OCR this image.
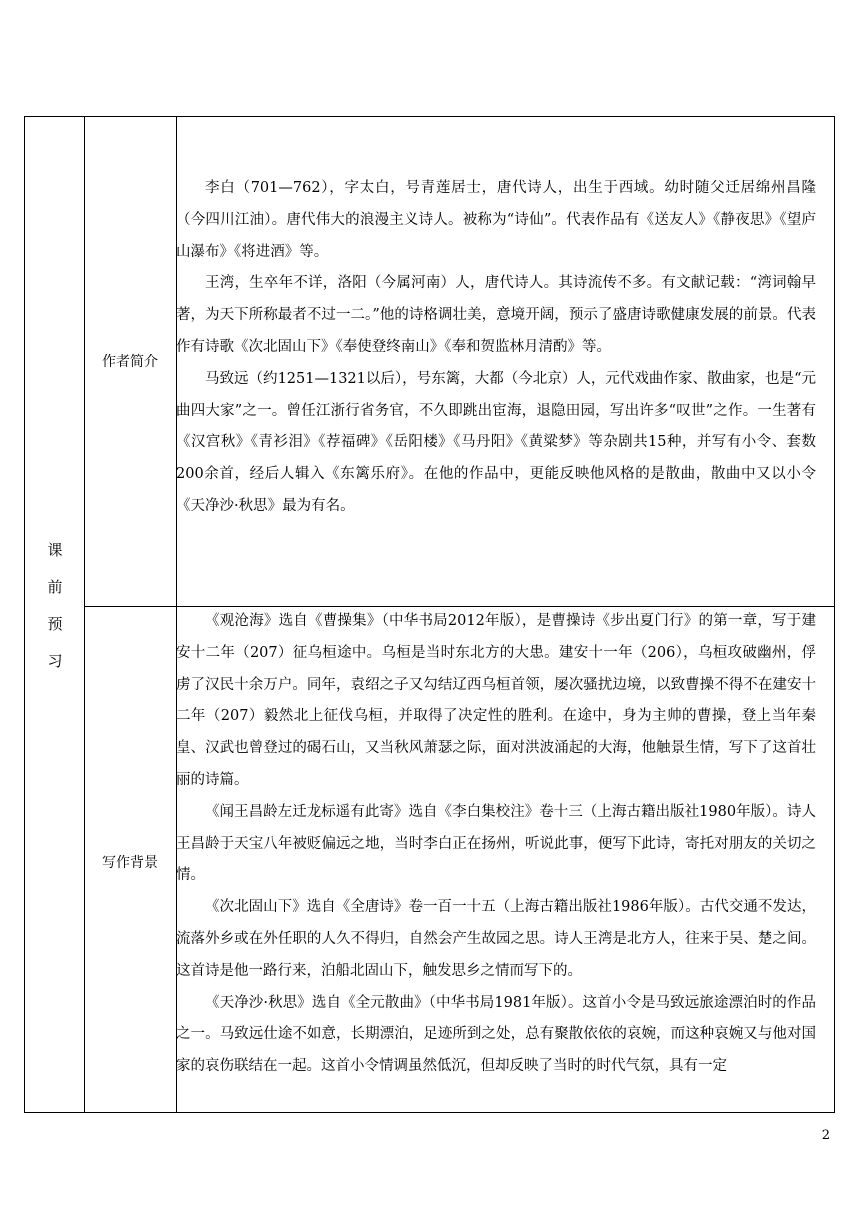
课
前
预
习
作者简介
写作背景

李白（701—762），字太白，号青莲居士，唐代诗人，出生于西域。幼时随父迁居绵州昌隆（今四川江油）。唐代伟大的浪漫主义诗人。被称为“诗仙”。代表作品有《送友人》《静夜思》《望庐山瀑布》《将进酒》等。

王湾，生卒年不详，洛阳（今属河南）人，唐代诗人。其诗流传不多。有文献记载：“湾词翰早著，为天下所称最者不过一二。”他的诗格调壮美，意境开阔，预示了盛唐诗歌健康发展的前景。代表作有诗歌《次北固山下》《奉使登终南山》《奉和贺监林月清酌》等。

马致远（约1251—1321以后），号东篱，大都（今北京）人，元代戏曲作家、散曲家，也是“元曲四大家”之一。曾任江浙行省务官，不久即跳出宦海，退隐田园，写出许多“叹世”之作。一生著有《汉宫秋》《青衫泪》《荐福碑》《岳阳楼》《马丹阳》《黄粱梦》等杂剧共15种，并写有小令、套数200余首，经后人辑入《东篱乐府》。在他的作品中，更能反映他风格的是散曲，散曲中又以小令《天净沙·秋思》最为有名。

《观沧海》选自《曹操集》（中华书局2012年版），是曹操诗《步出夏门行》的第一章，写于建安十二年（207）征乌桓途中。乌桓是当时东北方的大患。建安十一年（206），乌桓攻破幽州，俘虏了汉民十余万户。同年，袁绍之子又勾结辽西乌桓首领，屡次骚扰边境，以致曹操不得不在建安十二年（207）毅然北上征伐乌桓，并取得了决定性的胜利。在途中，身为主帅的曹操，登上当年秦皇、汉武也曾登过的碣石山，又当秋风萧瑟之际，面对洪波涌起的大海，他触景生情，写下了这首壮丽的诗篇。

《闻王昌龄左迁龙标遥有此寄》选自《李白集校注》卷十三（上海古籍出版社1980年版）。诗人王昌龄于天宝八年被贬偏远之地，当时李白正在扬州，听说此事，便写下此诗，寄托对朋友的关切之情。

《次北固山下》选自《全唐诗》卷一百一十五（上海古籍出版社1986年版）。古代交通不发达，流落外乡或在外任职的人久不得归，自然会产生故园之思。诗人王湾是北方人，往来于吴、楚之间。这首诗是他一路行来，泊船北固山下，触发思乡之情而写下的。

《天净沙·秋思》选自《全元散曲》（中华书局1981年版）。这首小令是马致远旅途漂泊时的作品之一。马致远仕途不如意，长期漂泊，足迹所到之处，总有聚散依依的哀婉，而这种哀婉又与他对国家的哀伤联结在一起。这首小令情调虽然低沉，但却反映了当时的时代气氛，具有一定

2
